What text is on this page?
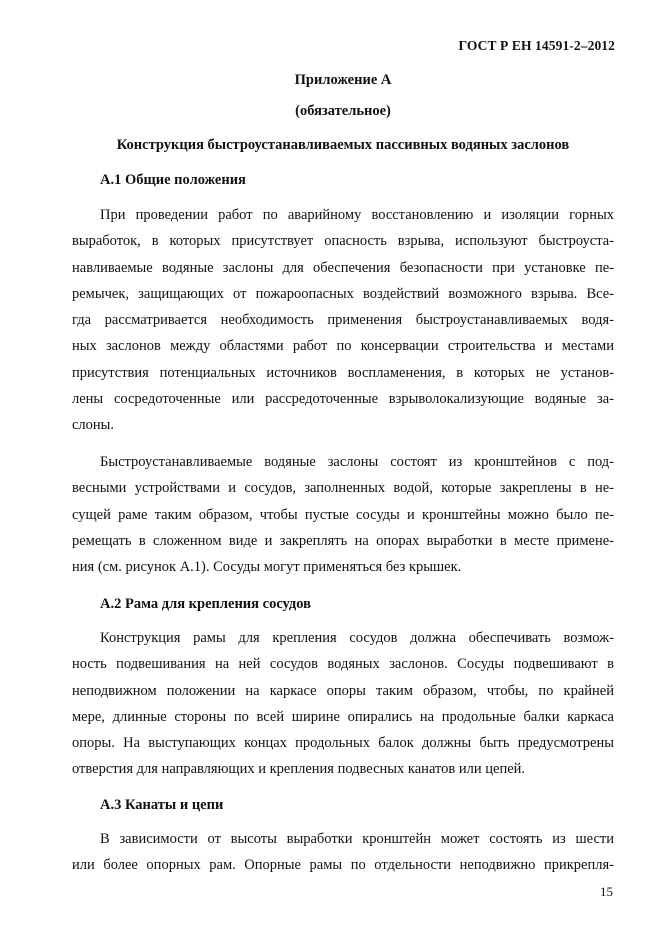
ГОСТ Р ЕН 14591-2–2012
Приложение А
(обязательное)
Конструкция быстроустанавливаемых пассивных водяных заслонов
А.1 Общие положения
При проведении работ по аварийному восстановлению и изоляции горных
выработок, в которых присутствует опасность взрыва, используют быстроуста-
навливаемые водяные заслоны для обеспечения безопасности при установке пе-
ремычек, защищающих от пожароопасных воздействий возможного взрыва. Все-
гда рассматривается необходимость применения быстроустанавливаемых водя-
ных заслонов между областями работ по консервации строительства и местами
присутствия потенциальных источников воспламенения, в которых не установ-
лены сосредоточенные или рассредоточенные взрыволокализующие водяные за-
слоны.
Быстроустанавливаемые водяные заслоны состоят из кронштейнов с под-
весными устройствами и сосудов, заполненных водой, которые закреплены в не-
сущей раме таким образом, чтобы пустые сосуды и кронштейны можно было пе-
ремещать в сложенном виде и закреплять на опорах выработки в месте примене-
ния (см. рисунок А.1). Сосуды могут применяться без крышек.
А.2 Рама для крепления сосудов
Конструкция рамы для крепления сосудов должна обеспечивать возмож-
ность подвешивания на ней сосудов водяных заслонов. Сосуды подвешивают в
неподвижном положении на каркасе опоры таким образом, чтобы, по крайней
мере, длинные стороны по всей ширине опирались на продольные балки каркаса
опоры. На выступающих концах продольных балок должны быть предусмотрены
отверстия для направляющих и крепления подвесных канатов или цепей.
А.3 Канаты и цепи
В зависимости от высоты выработки кронштейн может состоять из шести
или более опорных рам. Опорные рамы по отдельности неподвижно прикрепля-
15
